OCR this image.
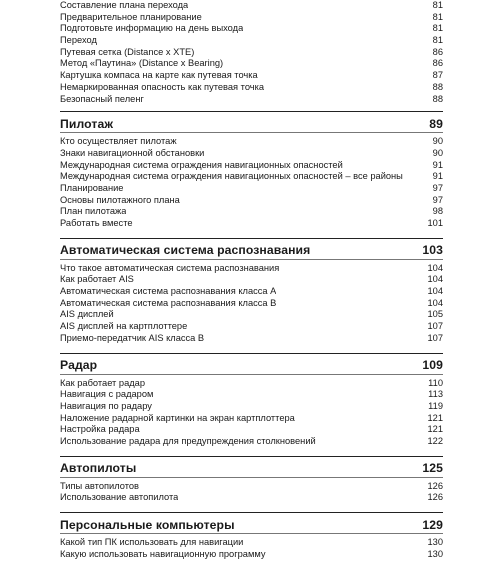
Составление плана перехода	81
Предварительное планирование	81
Подготовьте информацию на день выхода	81
Переход	81
Путевая сетка (Distance x XTE)	86
Метод «Паутина» (Distance x Bearing)	86
Картушка компаса на карте как путевая точка	87
Немаркированная опасность как путевая точка	88
Безопасный пеленг	88
Пилотаж	89
Кто осуществляет пилотаж	90
Знаки навигационной обстановки	90
Международная система ограждения навигационных опасностей	91
Международная система ограждения навигационных опасностей – все районы	91
Планирование	97
Основы пилотажного плана	97
План пилотажа	98
Работать вместе	101
Автоматическая система распознавания	103
Что такое автоматическая система распознавания	104
Как работает AIS	104
Автоматическая система распознавания класса А	104
Автоматическая система распознавания класса В	104
AIS дисплей	105
AIS дисплей на картплоттере	107
Приемо-передатчик AIS класса В	107
Радар	109
Как работает радар	110
Навигация с радаром	113
Навигация по радару	119
Наложение радарной картинки на экран картплоттера	121
Настройка радара	121
Использование радара для предупреждения столкновений	122
Автопилоты	125
Типы автопилотов	126
Использование автопилота	126
Персональные компьютеры	129
Какой тип ПК использовать для навигации	130
Какую использовать навигационную программу	130
